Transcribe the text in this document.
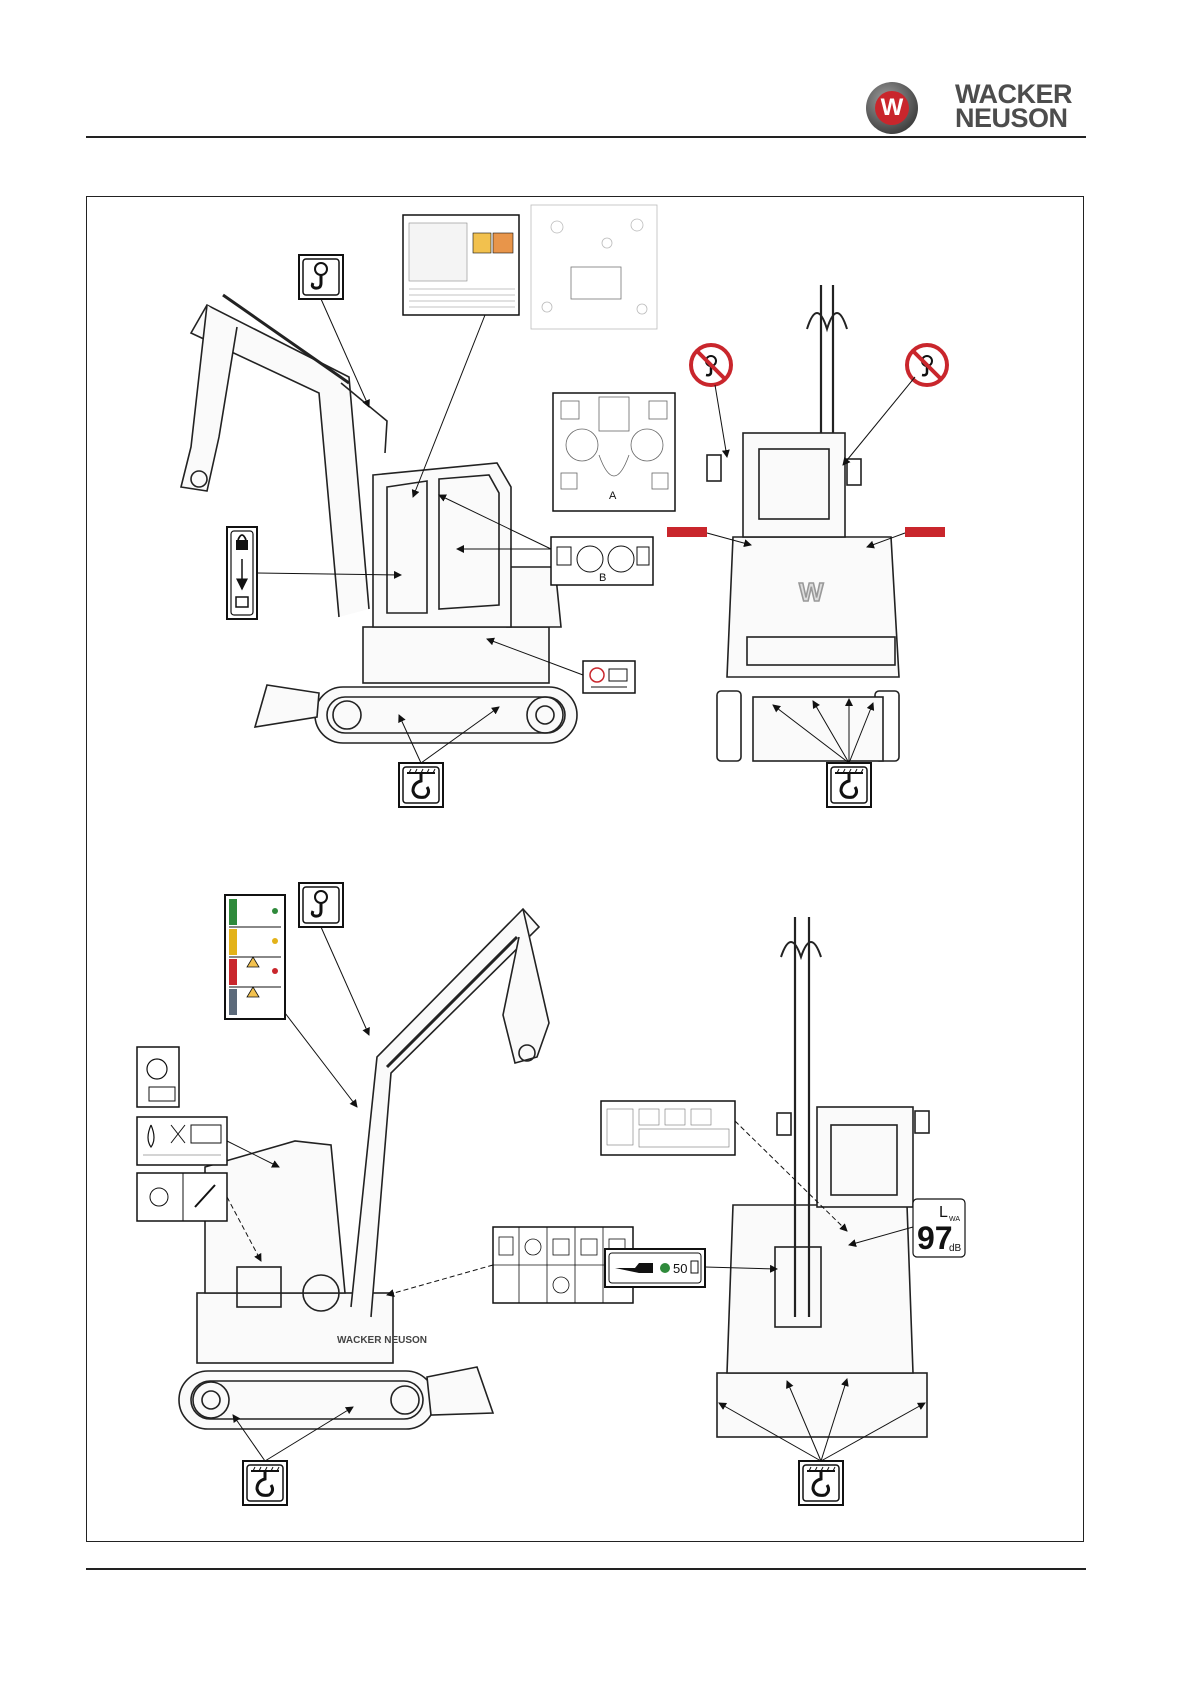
W WACKER
NEUSON
A
B	W
50
L WA
97
dB
WACKER NEUSON
